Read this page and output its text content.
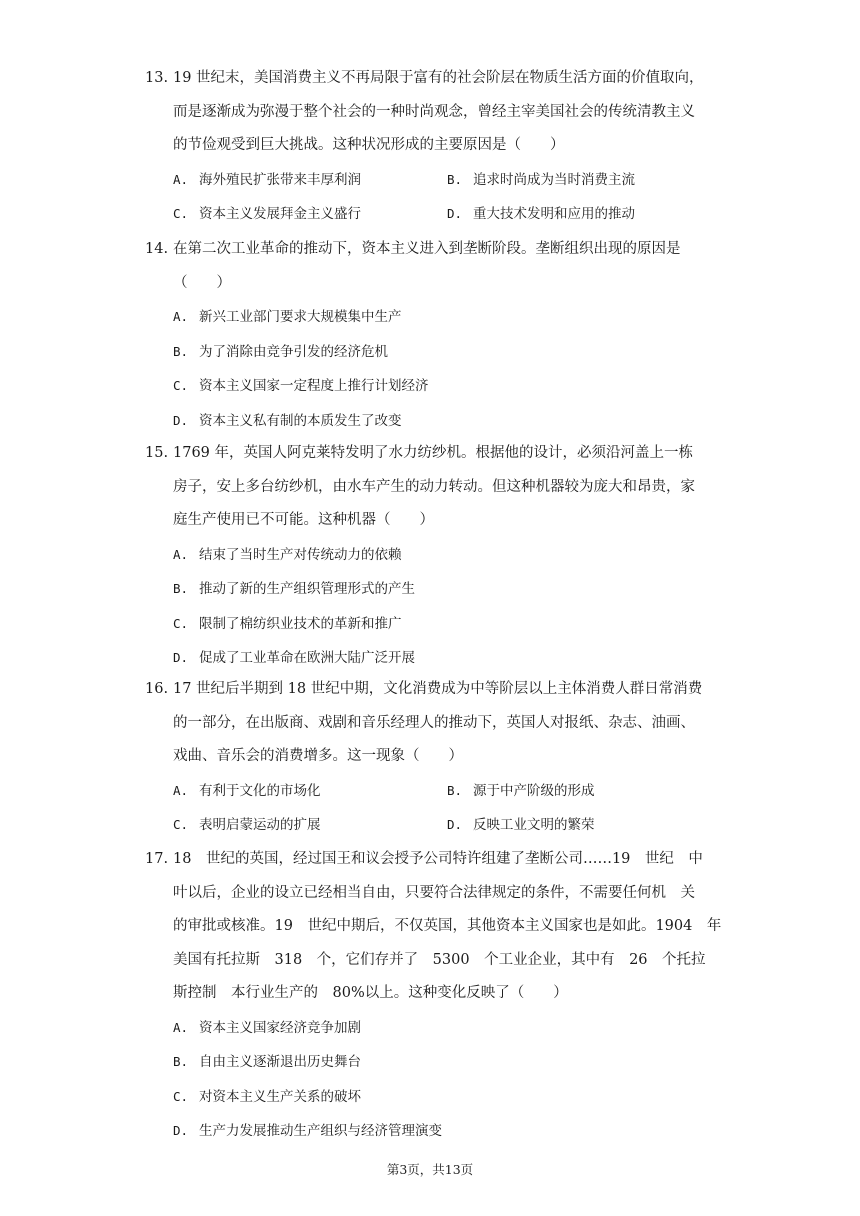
13. 19 世纪末，美国消费主义不再局限于富有的社会阶层在物质生活方面的价值取向，
而是逐渐成为弥漫于整个社会的一种时尚观念，曾经主宰美国社会的传统清教主义
的节俭观受到巨大挑战。这种状况形成的主要原因是（　　）
A. 海外殖民扩张带来丰厚利润	B. 追求时尚成为当时消费主流
C. 资本主义发展拜金主义盛行	D. 重大技术发明和应用的推动
14. 在第二次工业革命的推动下，资本主义进入到垄断阶段。垄断组织出现的原因是
（　　）
A. 新兴工业部门要求大规模集中生产
B. 为了消除由竞争引发的经济危机
C. 资本主义国家一定程度上推行计划经济
D. 资本主义私有制的本质发生了改变
15. 1769 年，英国人阿克莱特发明了水力纺纱机。根据他的设计，必须沿河盖上一栋
房子，安上多台纺纱机，由水车产生的动力转动。但这种机器较为庞大和昂贵，家
庭生产使用已不可能。这种机器（　　）
A. 结束了当时生产对传统动力的依赖
B. 推动了新的生产组织管理形式的产生
C. 限制了棉纺织业技术的革新和推广
D. 促成了工业革命在欧洲大陆广泛开展
16. 17 世纪后半期到 18 世纪中期，文化消费成为中等阶层以上主体消费人群日常消费
的一部分，在出版商、戏剧和音乐经理人的推动下，英国人对报纸、杂志、油画、
戏曲、音乐会的消费增多。这一现象（　　）
A. 有利于文化的市场化	B. 源于中产阶级的形成
C. 表明启蒙运动的扩展	D. 反映工业文明的繁荣
17. 18　世纪的英国，经过国王和议会授予公司特许组建了垄断公司……19　世纪　中
叶以后，企业的设立已经相当自由，只要符合法律规定的条件，不需要任何机　关
的审批或核准。19　世纪中期后，不仅英国，其他资本主义国家也是如此。1904　年
美国有托拉斯　318　个，它们存并了　5300　个工业企业，其中有　26　个托拉
斯控制　本行业生产的　80%以上。这种变化反映了（　　）
A. 资本主义国家经济竞争加剧
B. 自由主义逐渐退出历史舞台
C. 对资本主义生产关系的破坏
D. 生产力发展推动生产组织与经济管理演变
第3页，共13页
